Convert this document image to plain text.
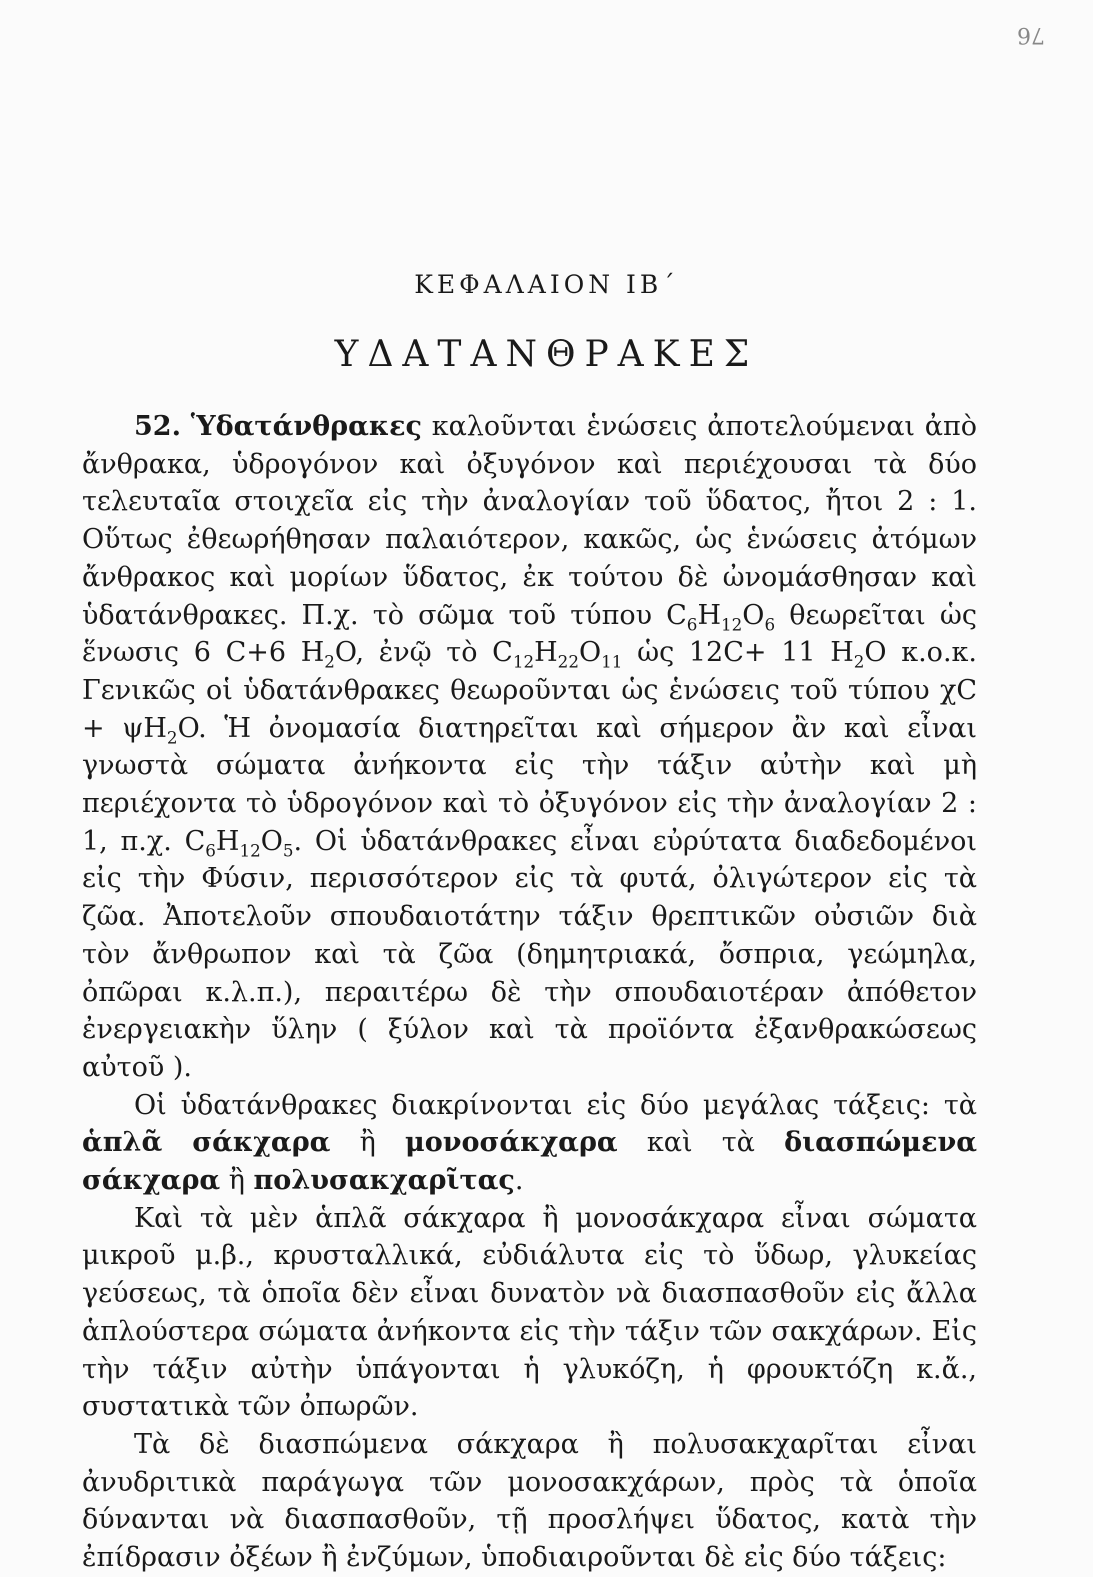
76
ΚΕΦΑΛΑΙΟΝ ΙΒ΄
ΥΔΑΤΑΝΘΡΑΚΕΣ

52. Ὑδατάνθρακες καλοῦνται ἑνώσεις ἀποτελούμεναι ἀπὸ ἄνθρακα, ὑδρογόνον καὶ ὀξυγόνον καὶ περιέχουσαι τὰ δύο τελευταῖα στοιχεῖα εἰς τὴν ἀναλογίαν τοῦ ὕδατος, ἤτοι 2 : 1. Οὕτως ἐθεωρήθησαν παλαιότερον, κακῶς, ὡς ἑνώσεις ἀτόμων ἄνθρακος καὶ μορίων ὕδατος, ἐκ τούτου δὲ ὠνομάσθησαν καὶ ὑδατάνθρακες. Π.χ. τὸ σῶμα τοῦ τύπου $C_6H_{12}O_6$ θεωρεῖται ὡς ἕνωσις 6 C+6 $H_2O$, ἐνῷ τὸ $C_{12}H_{22}O_{11}$ ὡς 12C+ 11 $H_2O$ κ.ο.κ. Γενικῶς οἱ ὑδατάνθρακες θεωροῦνται ὡς ἑνώσεις τοῦ τύπου $\chi C + \psi H_2O$. Ἡ ὀνομασία διατηρεῖται καὶ σήμερον ἂν καὶ εἶναι γνωστὰ σώματα ἀνήκοντα εἰς τὴν τάξιν αὐτὴν καὶ μὴ περιέχοντα τὸ ὑδρογόνον καὶ τὸ ὀξυγόνον εἰς τὴν ἀναλογίαν 2 : 1, π.χ. $C_6H_{12}O_5$. Οἱ ὑδατάνθρακες εἶναι εὐρύτατα διαδεδομένοι εἰς τὴν Φύσιν, περισσότερον εἰς τὰ φυτά, ὀλιγώτερον εἰς τὰ ζῶα. Ἀποτελοῦν σπουδαιοτάτην τάξιν θρεπτικῶν οὐσιῶν διὰ τὸν ἄνθρωπον καὶ τὰ ζῶα (δημητριακά, ὄσπρια, γεώμηλα, ὀπῶραι κ.λ.π.), περαιτέρω δὲ τὴν σπουδαιοτέραν ἀπόθετον ἐνεργειακὴν ὕλην ( ξύλον καὶ τὰ προϊόντα ἐξανθρακώσεως αὐτοῦ ).

Οἱ ὑδατάνθρακες διακρίνονται εἰς δύο μεγάλας τάξεις: τὰ ἁπλᾶ σάκχαρα ἢ μονοσάκχαρα καὶ τὰ διασπώμενα σάκχαρα ἢ πολυσακχαρῖτας.

Καὶ τὰ μὲν ἁπλᾶ σάκχαρα ἢ μονοσάκχαρα εἶναι σώματα μικροῦ μ.β., κρυσταλλικά, εὐδιάλυτα εἰς τὸ ὕδωρ, γλυκείας γεύσεως, τὰ ὁποῖα δὲν εἶναι δυνατὸν νὰ διασπασθοῦν εἰς ἄλλα ἁπλούστερα σώματα ἀνήκοντα εἰς τὴν τάξιν τῶν σακχάρων. Εἰς τὴν τάξιν αὐτὴν ὑπάγονται ἡ γλυκόζη, ἡ φρουκτόζη κ.ἄ., συστατικὰ τῶν ὀπωρῶν.

Τὰ δὲ διασπώμενα σάκχαρα ἢ πολυσακχαρῖται εἶναι ἀνυδριτικὰ παράγωγα τῶν μονοσακχάρων, πρὸς τὰ ὁποῖα δύνανται νὰ διασπασθοῦν, τῇ προσλήψει ὕδατος, κατὰ τὴν ἐπίδρασιν ὀξέων ἢ ἐνζύμων, ὑποδιαιροῦνται δὲ εἰς δύο τάξεις:
